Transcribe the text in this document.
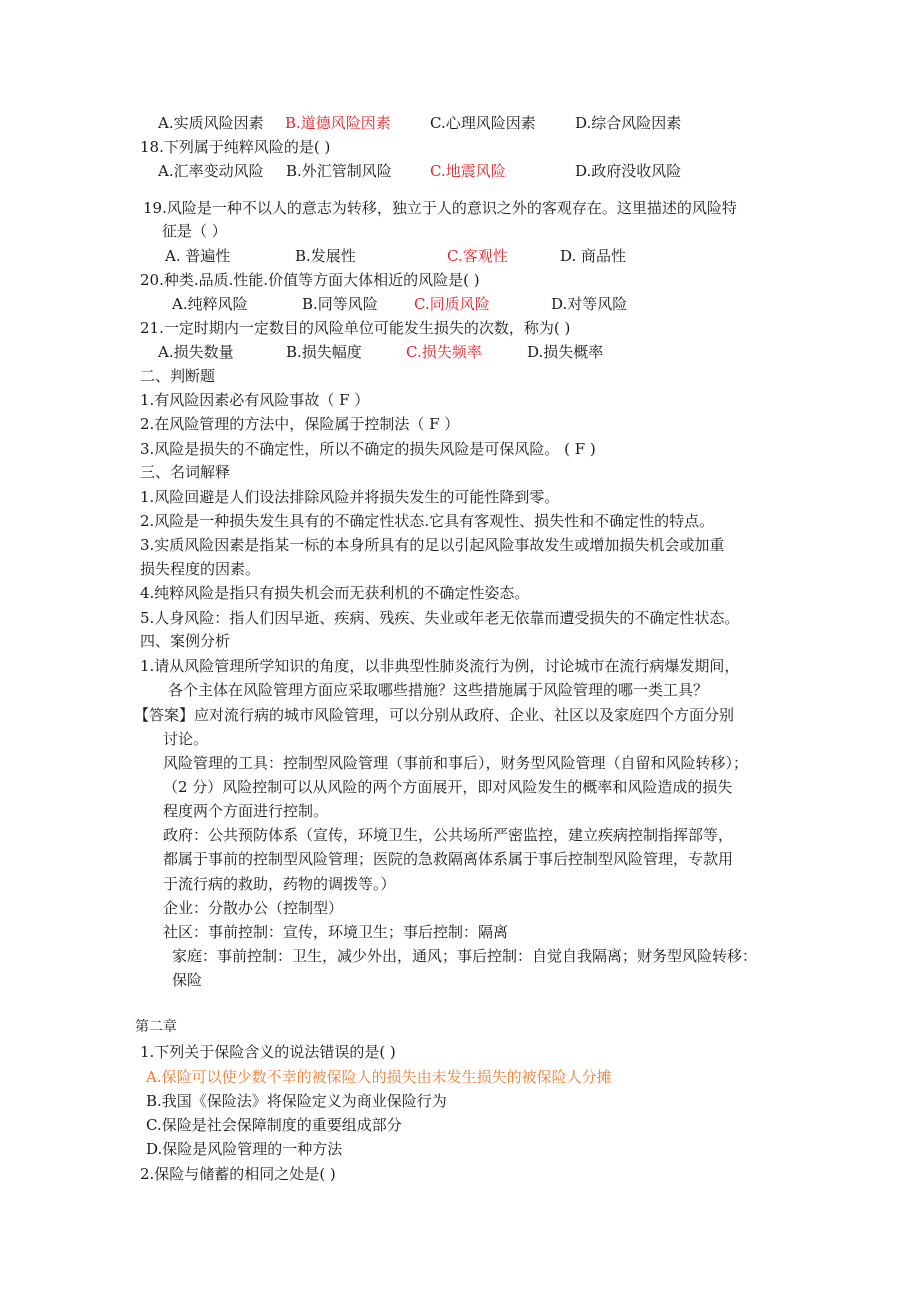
A.实质风险因素 B.道德风险因素	C.心理风险因素	D.综合风险因素
18.下列属于纯粹风险的是( )
A.汇率变动风险 B.外汇管制风险	C.地震风险	D.政府没收风险
19.风险是一种不以人的意志为转移，独立于人的意识之外的客观存在。这里描述的风险特
征是（ ）
A. 普遍性	B.发展性	C.客观性	D. 商品性
20.种类.品质.性能.价值等方面大体相近的风险是( )
A.纯粹风险	B.同等风险 C.同质风险	D.对等风险
21.一定时期内一定数目的风险单位可能发生损失的次数，称为( )
A.损失数量	B.损失幅度	C.损失频率	D.损失概率
二、判断题
1.有风险因素必有风险事故（ F ）
2.在风险管理的方法中，保险属于控制法（ F ）
3.风险是损失的不确定性，所以不确定的损失风险是可保风险。 ( F )
三、名词解释
1.风险回避是人们设法排除风险并将损失发生的可能性降到零。
2.风险是一种损失发生具有的不确定性状态.它具有客观性、损失性和不确定性的特点。
3.实质风险因素是指某一标的本身所具有的足以引起风险事故发生或增加损失机会或加重
损失程度的因素。
4.纯粹风险是指只有损失机会而无获利机的不确定性姿态。
5.人身风险：指人们因早逝、疾病、残疾、失业或年老无依靠而遭受损失的不确定性状态。
四、案例分析
1.请从风险管理所学知识的角度，以非典型性肺炎流行为例，讨论城市在流行病爆发期间，
各个主体在风险管理方面应采取哪些措施？这些措施属于风险管理的哪一类工具？
【答案】应对流行病的城市风险管理，可以分别从政府、企业、社区以及家庭四个方面分别
讨论。
风险管理的工具：控制型风险管理（事前和事后），财务型风险管理（自留和风险转移）；
（2 分）风险控制可以从风险的两个方面展开，即对风险发生的概率和风险造成的损失
程度两个方面进行控制。
政府：公共预防体系（宣传，环境卫生，公共场所严密监控，建立疾病控制指挥部等，
都属于事前的控制型风险管理；医院的急救隔离体系属于事后控制型风险管理，专款用
于流行病的救助，药物的调拨等。）
企业：分散办公（控制型）
社区：事前控制：宣传，环境卫生；事后控制：隔离
家庭：事前控制：卫生，减少外出，通风；事后控制：自觉自我隔离；财务型风险转移：
保险
第二章
1.下列关于保险含义的说法错误的是( )
A.保险可以使少数不幸的被保险人的损失由未发生损失的被保险人分摊
B.我国《保险法》将保险定义为商业保险行为
C.保险是社会保障制度的重要组成部分
D.保险是风险管理的一种方法
2.保险与储蓄的相同之处是( )
